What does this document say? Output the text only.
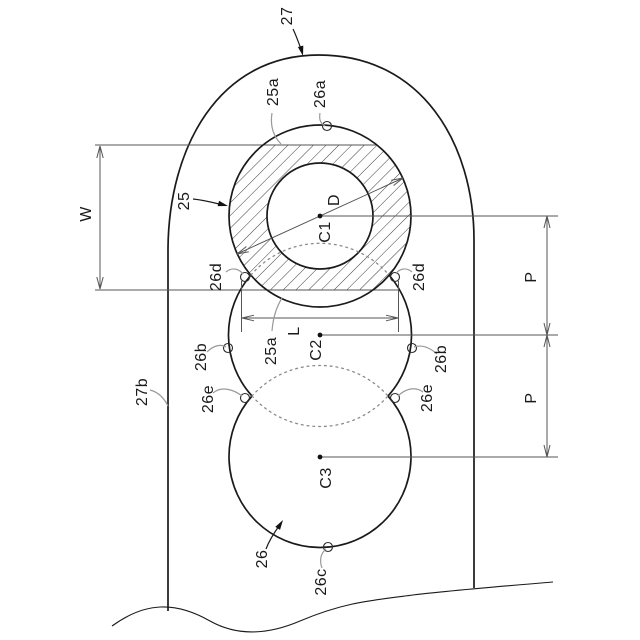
27
25a 26a
W
25
26d	26d
D
C1
25a
L
26b	26b
C2
27b	26e	26e
P
P
26
26c
C3
